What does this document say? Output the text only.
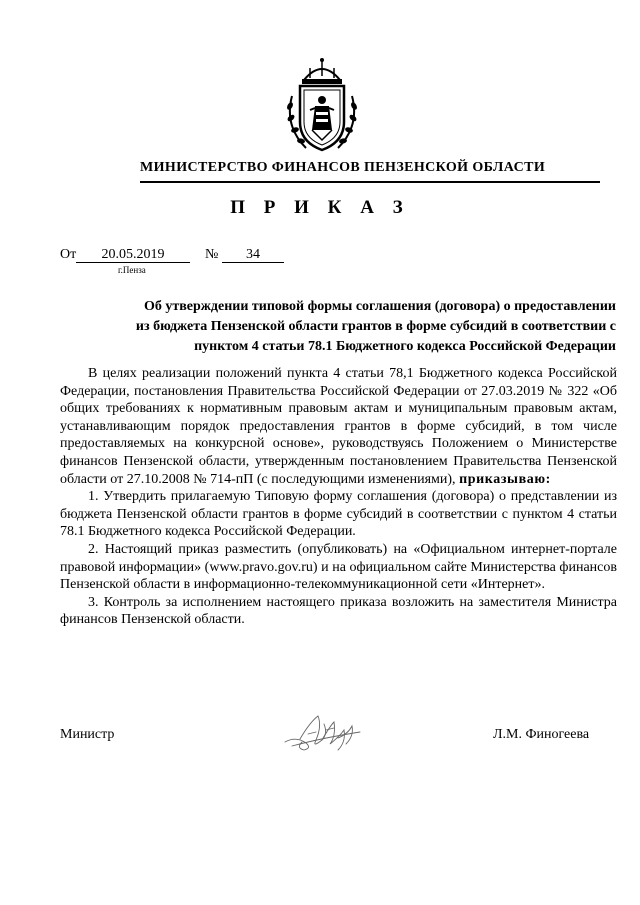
МИНИСТЕРСТВО ФИНАНСОВ ПЕНЗЕНСКОЙ ОБЛАСТИ
П Р И К А З
От	20.05.2019	№	34
г.Пенза
Об утверждении типовой формы соглашения (договора) о предоставлении
из бюджета Пензенской области грантов в форме субсидий в соответствии с
пунктом 4 статьи 78.1 Бюджетного кодекса Российской Федерации

В целях реализации положений пункта 4 статьи 78,1 Бюджетного кодекса Российской Федерации, постановления Правительства Российской Федерации от 27.03.2019 № 322 «Об общих требованиях к нормативным правовым актам и муниципальным правовым актам, устанавливающим порядок предоставления грантов в форме субсидий, в том числе предоставляемых на конкурсной основе», руководствуясь Положением о Министерстве финансов Пензенской области, утвержденным постановлением Правительства Пензенской области от 27.10.2008 № 714-пП (с последующими изменениями), приказываю:

1. Утвердить прилагаемую Типовую форму соглашения (договора) о представлении из бюджета Пензенской области грантов в форме субсидий в соответствии с пунктом 4 статьи 78.1 Бюджетного кодекса Российской Федерации.

2. Настоящий приказ разместить (опубликовать) на «Официальном интернет-портале правовой информации» (www.pravo.gov.ru) и на официальном сайте Министерства финансов Пензенской области в информационно-телекоммуникационной сети «Интернет».

3. Контроль за исполнением настоящего приказа возложить на заместителя Министра финансов Пензенской области.

Министр	Л.М. Финогеева
